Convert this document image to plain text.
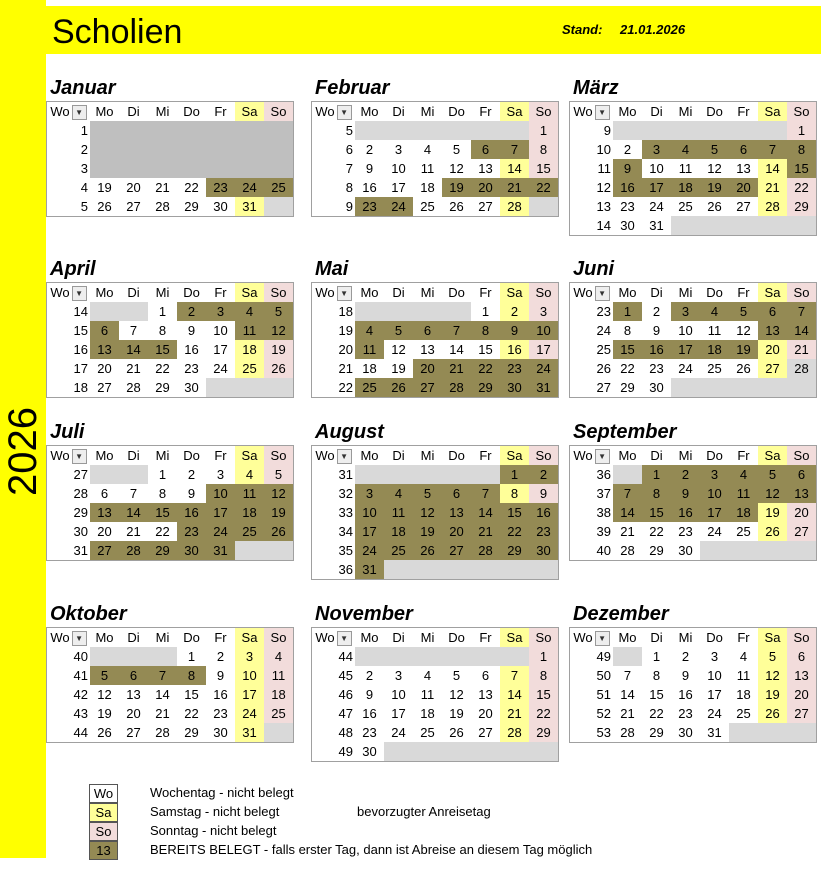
2026
Scholien	Stand: 21.01.2026
Januar
Wo ▼	Mo	Di	Mi	Do	Fr	Sa	So
1							
2							
3							
4	19	20	21	22	23	24	25
5	26	27	28	29	30	31	
Februar
Wo ▼	Mo	Di	Mi	Do	Fr	Sa	So
5							1
6	2	3	4	5	6	7	8
7	9	10	11	12	13	14	15
8	16	17	18	19	20	21	22
9	23	24	25	26	27	28	
März
Wo ▼	Mo	Di	Mi	Do	Fr	Sa	So
9							1
10	2	3	4	5	6	7	8
11	9	10	11	12	13	14	15
12	16	17	18	19	20	21	22
13	23	24	25	26	27	28	29
14	30	31					
April
Wo ▼	Mo	Di	Mi	Do	Fr	Sa	So
14			1	2	3	4	5
15	6	7	8	9	10	11	12
16	13	14	15	16	17	18	19
17	20	21	22	23	24	25	26
18	27	28	29	30			
Mai
Wo ▼	Mo	Di	Mi	Do	Fr	Sa	So
18					1	2	3
19	4	5	6	7	8	9	10
20	11	12	13	14	15	16	17
21	18	19	20	21	22	23	24
22	25	26	27	28	29	30	31
Juni
Wo ▼	Mo	Di	Mi	Do	Fr	Sa	So
23	1	2	3	4	5	6	7
24	8	9	10	11	12	13	14
25	15	16	17	18	19	20	21
26	22	23	24	25	26	27	28
27	29	30					
Juli
Wo ▼	Mo	Di	Mi	Do	Fr	Sa	So
27			1	2	3	4	5
28	6	7	8	9	10	11	12
29	13	14	15	16	17	18	19
30	20	21	22	23	24	25	26
31	27	28	29	30	31		
August
Wo ▼	Mo	Di	Mi	Do	Fr	Sa	So
31						1	2
32	3	4	5	6	7	8	9
33	10	11	12	13	14	15	16
34	17	18	19	20	21	22	23
35	24	25	26	27	28	29	30
36	31						
September
Wo ▼	Mo	Di	Mi	Do	Fr	Sa	So
36		1	2	3	4	5	6
37	7	8	9	10	11	12	13
38	14	15	16	17	18	19	20
39	21	22	23	24	25	26	27
40	28	29	30				
Oktober
Wo ▼	Mo	Di	Mi	Do	Fr	Sa	So
40				1	2	3	4
41	5	6	7	8	9	10	11
42	12	13	14	15	16	17	18
43	19	20	21	22	23	24	25
44	26	27	28	29	30	31	
November
Wo ▼	Mo	Di	Mi	Do	Fr	Sa	So
44							1
45	2	3	4	5	6	7	8
46	9	10	11	12	13	14	15
47	16	17	18	19	20	21	22
48	23	24	25	26	27	28	29
49	30						
Dezember
Wo ▼	Mo	Di	Mi	Do	Fr	Sa	So
49		1	2	3	4	5	6
50	7	8	9	10	11	12	13
51	14	15	16	17	18	19	20
52	21	22	23	24	25	26	27
53	28	29	30	31			
Wo	Wochentag - nicht belegt
Sa	Samstag - nicht belegt	bevorzugter Anreisetag
So	Sonntag - nicht belegt
13	BEREITS BELEGT - falls erster Tag, dann ist Abreise an diesem Tag möglich
